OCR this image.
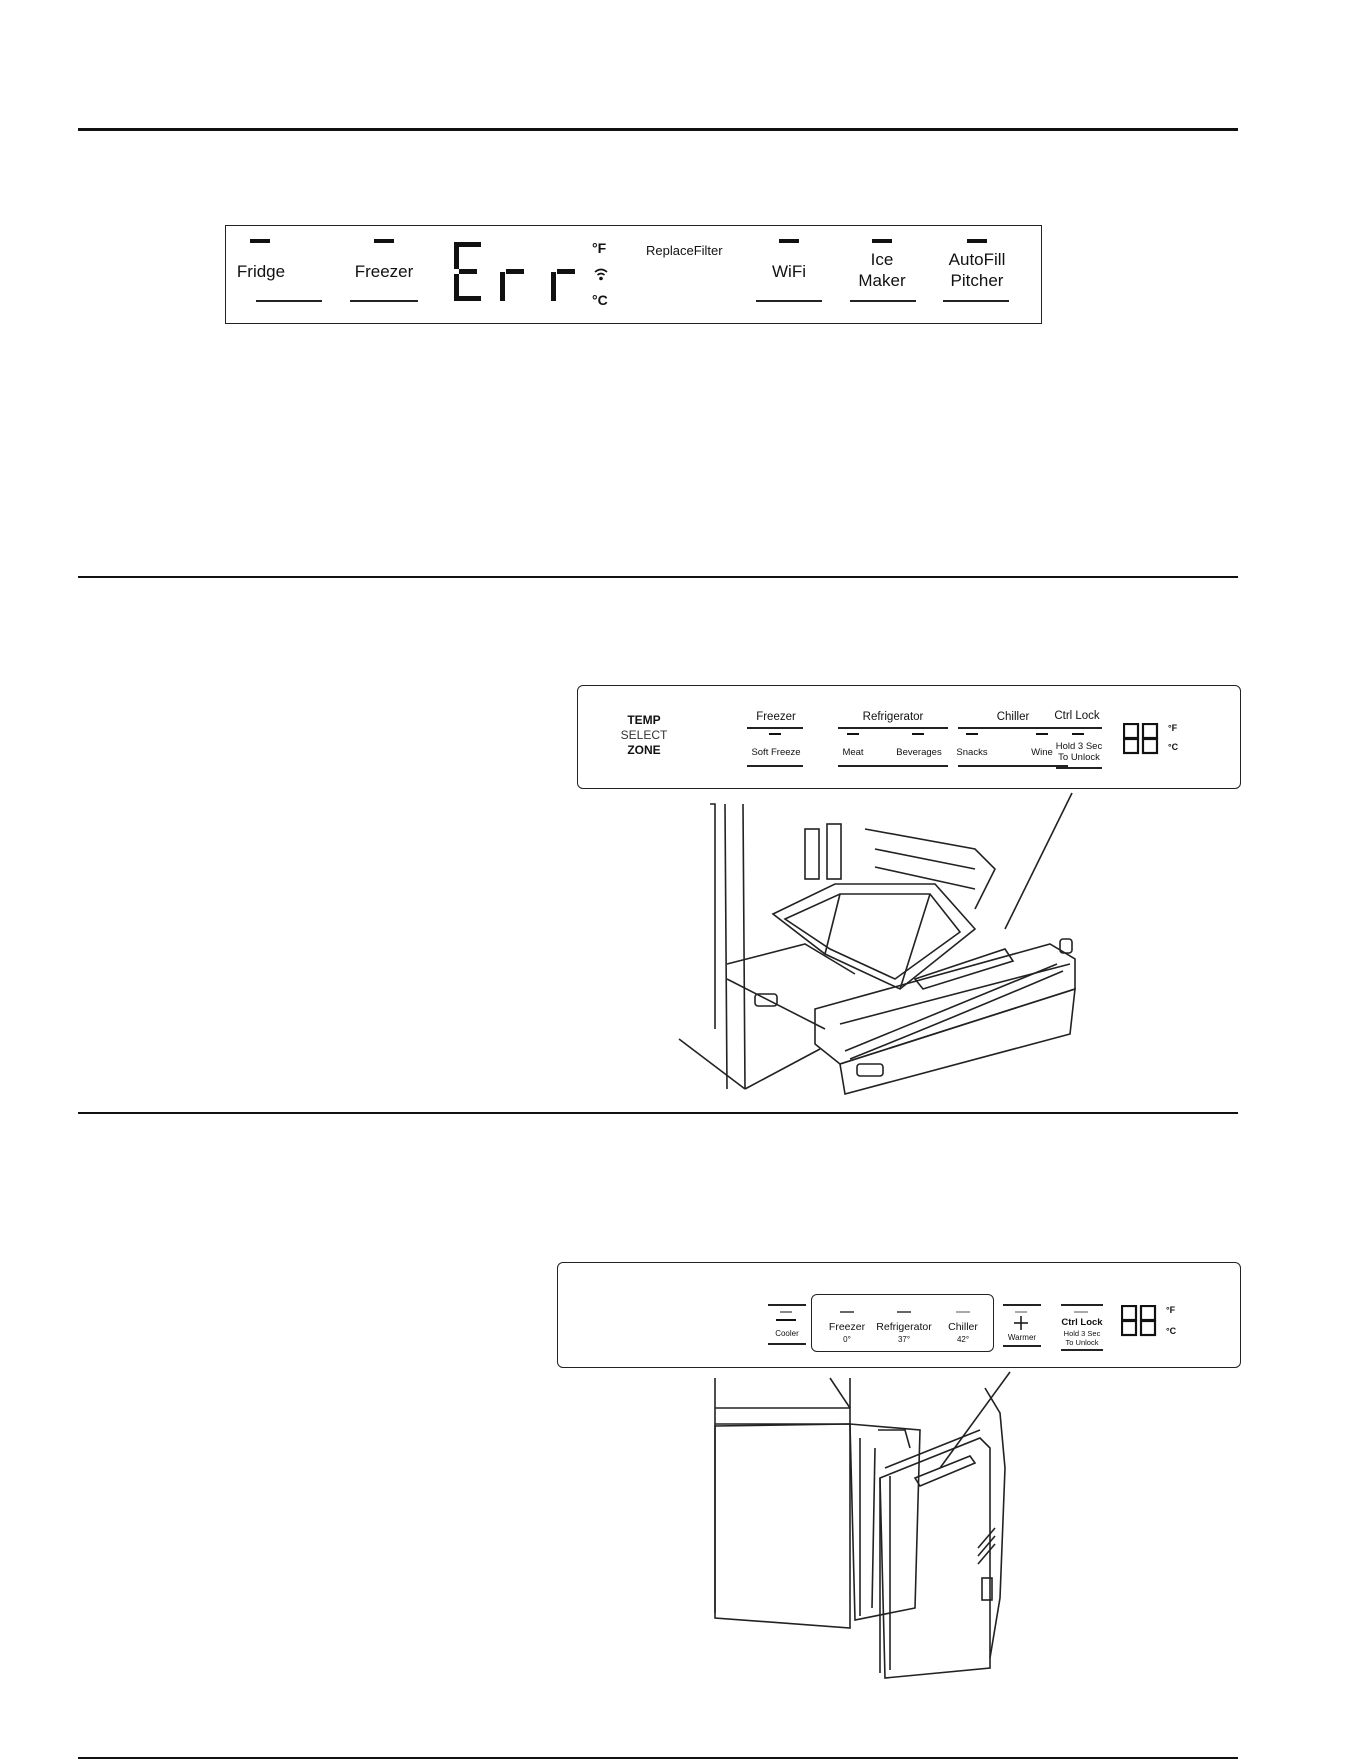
Fridge	Freezer
°F
°C
ReplaceFilter
WiFi
Ice
Maker
AutoFill
Pitcher
TEMP
SELECT
ZONE
Freezer
Soft Freeze
Refrigerator
Meat	Beverages
Chiller
Snacks	Wine
Ctrl Lock
Hold 3 Sec
To Unlock
°F
°C
Cooler
Freezer
0°
Refrigerator
37°
Chiller
42°	Warmer
Ctrl Lock
Hold 3 Sec
To Unlock
°F
°C
